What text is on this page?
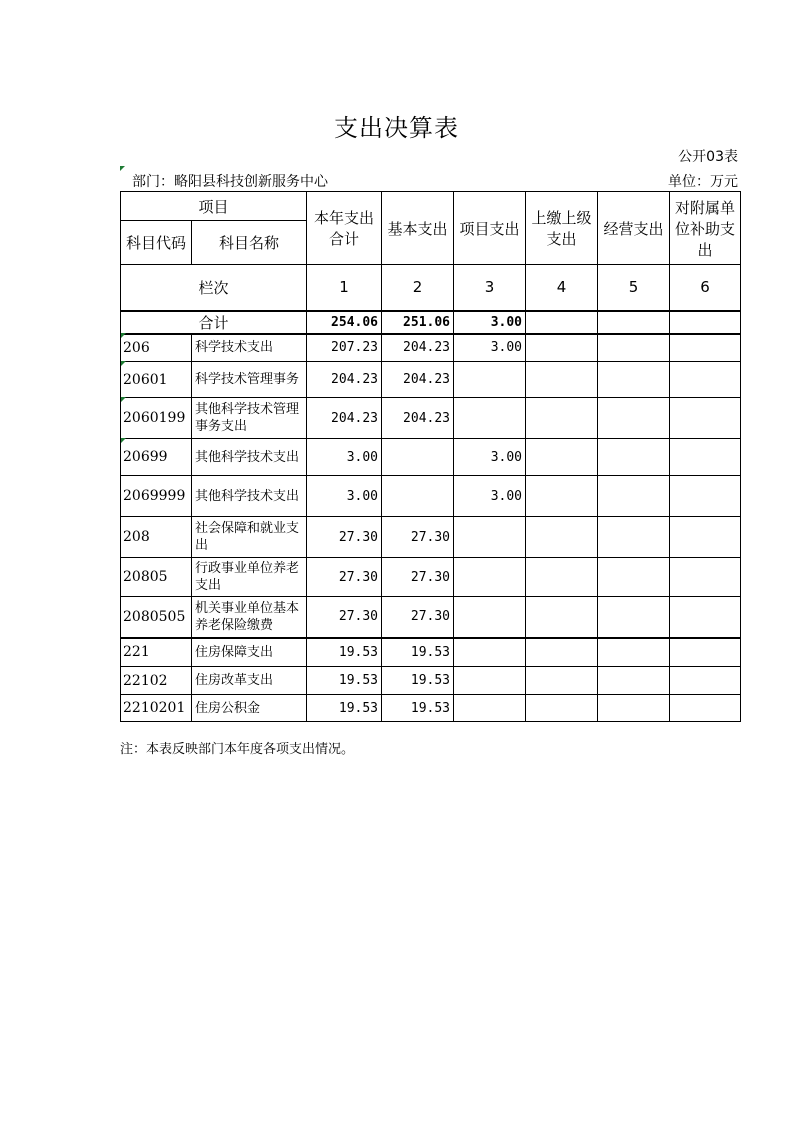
支出决算表
公开03表
部门：略阳县科技创新服务中心	单位：万元
项目		本年支出合计	基本支出	项目支出	上缴上级支出	经营支出	对附属单位补助支出
科目代码	科目名称						
栏次		1	2	3	4	5	6
合计		254.06	251.06	3.00			
206	科学技术支出	207.23	204.23	3.00			
20601	科学技术管理事务	204.23	204.23				
2060199	其他科学技术管理事务支出	204.23	204.23				
20699	其他科学技术支出	3.00		3.00			
2069999	其他科学技术支出	3.00		3.00			
208	社会保障和就业支出	27.30	27.30				
20805	行政事业单位养老支出	27.30	27.30				
2080505	机关事业单位基本养老保险缴费	27.30	27.30				
221	住房保障支出	19.53	19.53				
22102	住房改革支出	19.53	19.53				
2210201	住房公积金	19.53	19.53				
注：本表反映部门本年度各项支出情况。
